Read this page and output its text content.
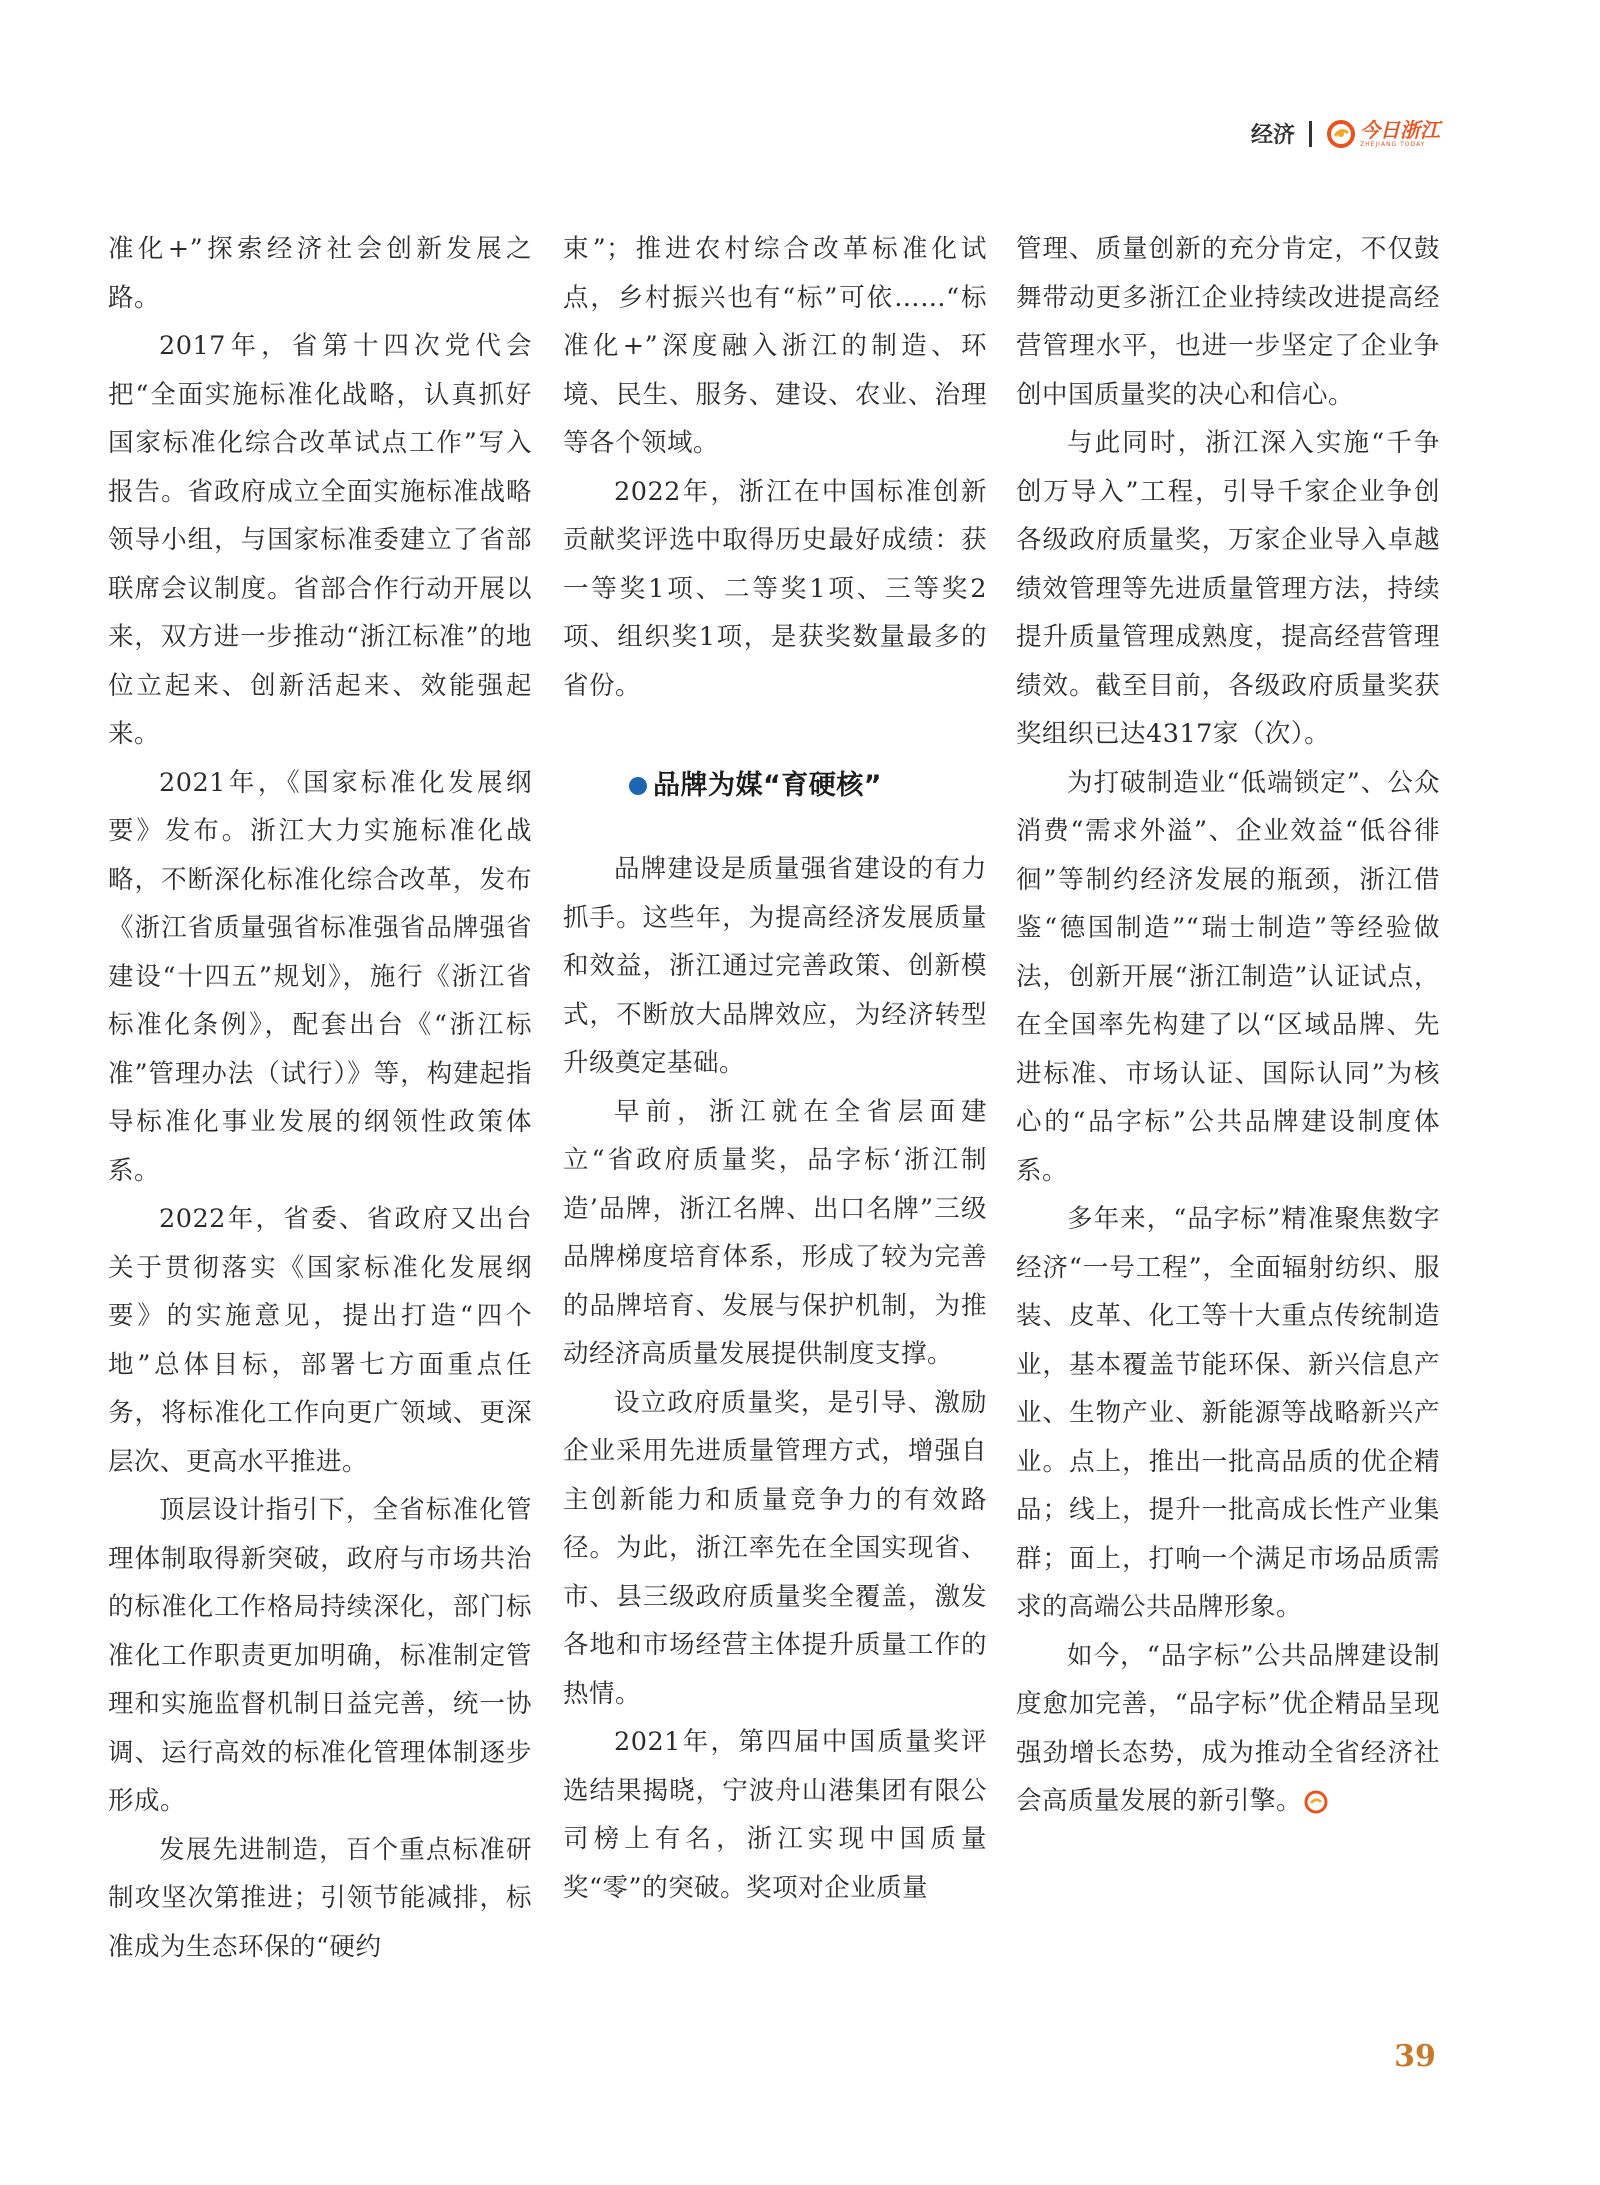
经济	今日浙江
ZHEJIANG TODAY

准化+”探索经济社会创新发展之路。

2017年，省第十四次党代会把“全面实施标准化战略，认真抓好国家标准化综合改革试点工作”写入报告。省政府成立全面实施标准战略领导小组，与国家标准委建立了省部联席会议制度。省部合作行动开展以来，双方进一步推动“浙江标准”的地位立起来、创新活起来、效能强起来。

2021年，《国家标准化发展纲要》发布。浙江大力实施标准化战略，不断深化标准化综合改革，发布《浙江省质量强省标准强省品牌强省建设“十四五”规划》，施行《浙江省标准化条例》，配套出台《“浙江标准”管理办法（试行）》等，构建起指导标准化事业发展的纲领性政策体系。

2022年，省委、省政府又出台关于贯彻落实《国家标准化发展纲要》的实施意见，提出打造“四个地”总体目标，部署七方面重点任务，将标准化工作向更广领域、更深层次、更高水平推进。

顶层设计指引下，全省标准化管理体制取得新突破，政府与市场共治的标准化工作格局持续深化，部门标准化工作职责更加明确，标准制定管理和实施监督机制日益完善，统一协调、运行高效的标准化管理体制逐步形成。

发展先进制造，百个重点标准研制攻坚次第推进；引领节能减排，标准成为生态环保的“硬约

束”；推进农村综合改革标准化试点，乡村振兴也有“标”可依……“标准化+”深度融入浙江的制造、环境、民生、服务、建设、农业、治理等各个领域。

2022年，浙江在中国标准创新贡献奖评选中取得历史最好成绩：获一等奖1项、二等奖1项、三等奖2项、组织奖1项，是获奖数量最多的省份。

品牌为媒“育硬核”

品牌建设是质量强省建设的有力抓手。这些年，为提高经济发展质量和效益，浙江通过完善政策、创新模式，不断放大品牌效应，为经济转型升级奠定基础。

早前，浙江就在全省层面建立“省政府质量奖，品字标‘浙江制造’品牌，浙江名牌、出口名牌”三级品牌梯度培育体系，形成了较为完善的品牌培育、发展与保护机制，为推动经济高质量发展提供制度支撑。

设立政府质量奖，是引导、激励企业采用先进质量管理方式，增强自主创新能力和质量竞争力的有效路径。为此，浙江率先在全国实现省、市、县三级政府质量奖全覆盖，激发各地和市场经营主体提升质量工作的热情。

2021年，第四届中国质量奖评选结果揭晓，宁波舟山港集团有限公司榜上有名，浙江实现中国质量奖“零”的突破。奖项对企业质量

管理、质量创新的充分肯定，不仅鼓舞带动更多浙江企业持续改进提高经营管理水平，也进一步坚定了企业争创中国质量奖的决心和信心。

与此同时，浙江深入实施“千争创万导入”工程，引导千家企业争创各级政府质量奖，万家企业导入卓越绩效管理等先进质量管理方法，持续提升质量管理成熟度，提高经营管理绩效。截至目前，各级政府质量奖获奖组织已达4317家（次）。

为打破制造业“低端锁定”、公众消费“需求外溢”、企业效益“低谷徘徊”等制约经济发展的瓶颈，浙江借鉴“德国制造”“瑞士制造”等经验做法，创新开展“浙江制造”认证试点，在全国率先构建了以“区域品牌、先进标准、市场认证、国际认同”为核心的“品字标”公共品牌建设制度体系。

多年来，“品字标”精准聚焦数字经济“一号工程”，全面辐射纺织、服装、皮革、化工等十大重点传统制造业，基本覆盖节能环保、新兴信息产业、生物产业、新能源等战略新兴产业。点上，推出一批高品质的优企精品；线上，提升一批高成长性产业集群；面上，打响一个满足市场品质需求的高端公共品牌形象。

如今，“品字标”公共品牌建设制度愈加完善，“品字标”优企精品呈现强劲增长态势，成为推动全省经济社会高质量发展的新引擎。

39
